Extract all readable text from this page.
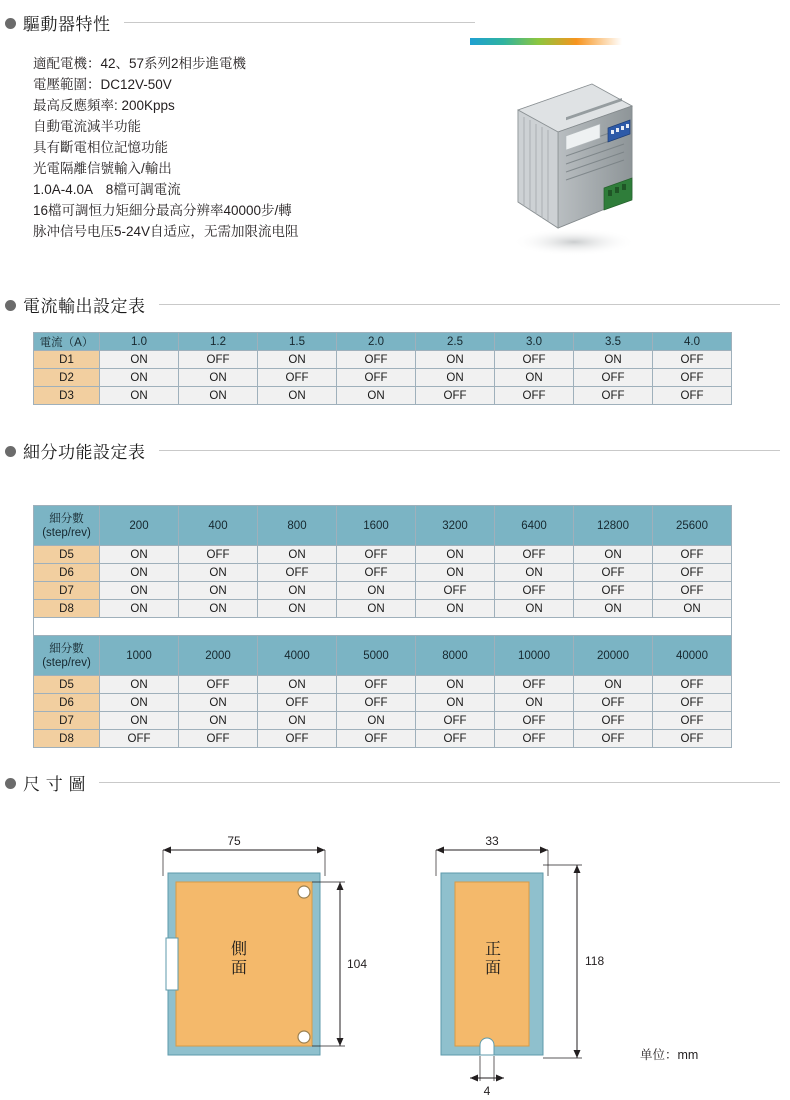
驅動器特性
適配電機：42、57系列2相步進電機
電壓範圍：DC12V-50V
最高反應頻率: 200Kpps
自動電流減半功能
具有斷電相位記憶功能
光電隔離信號輸入/輸出
1.0A-4.0A　8檔可調電流
16檔可調恒力矩細分最高分辨率40000步/轉
脉冲信号电压5-24V自适应，无需加限流电阻
電流輸出設定表
電流（A）	1.0	1.2	1.5	2.0	2.5	3.0	3.5	4.0
D1	ON	OFF	ON	OFF	ON	OFF	ON	OFF
D2	ON	ON	OFF	OFF	ON	ON	OFF	OFF
D3	ON	ON	ON	ON	OFF	OFF	OFF	OFF
細分功能設定表
細分數
(step/rev)	200	400	800	1600	3200	6400	12800	25600
D5	ON	OFF	ON	OFF	ON	OFF	ON	OFF
D6	ON	ON	OFF	OFF	ON	ON	OFF	OFF
D7	ON	ON	ON	ON	OFF	OFF	OFF	OFF
D8	ON	ON	ON	ON	ON	ON	ON	ON

細分數
(step/rev)	1000	2000	4000	5000	8000	10000	20000	40000
D5	ON	OFF	ON	OFF	ON	OFF	ON	OFF
D6	ON	ON	OFF	OFF	ON	ON	OFF	OFF
D7	ON	ON	ON	ON	OFF	OFF	OFF	OFF
D8	OFF	OFF	OFF	OFF	OFF	OFF	OFF	OFF
尺 寸 圖
75
104
33
118
4
側
面
正
面
单位：mm
